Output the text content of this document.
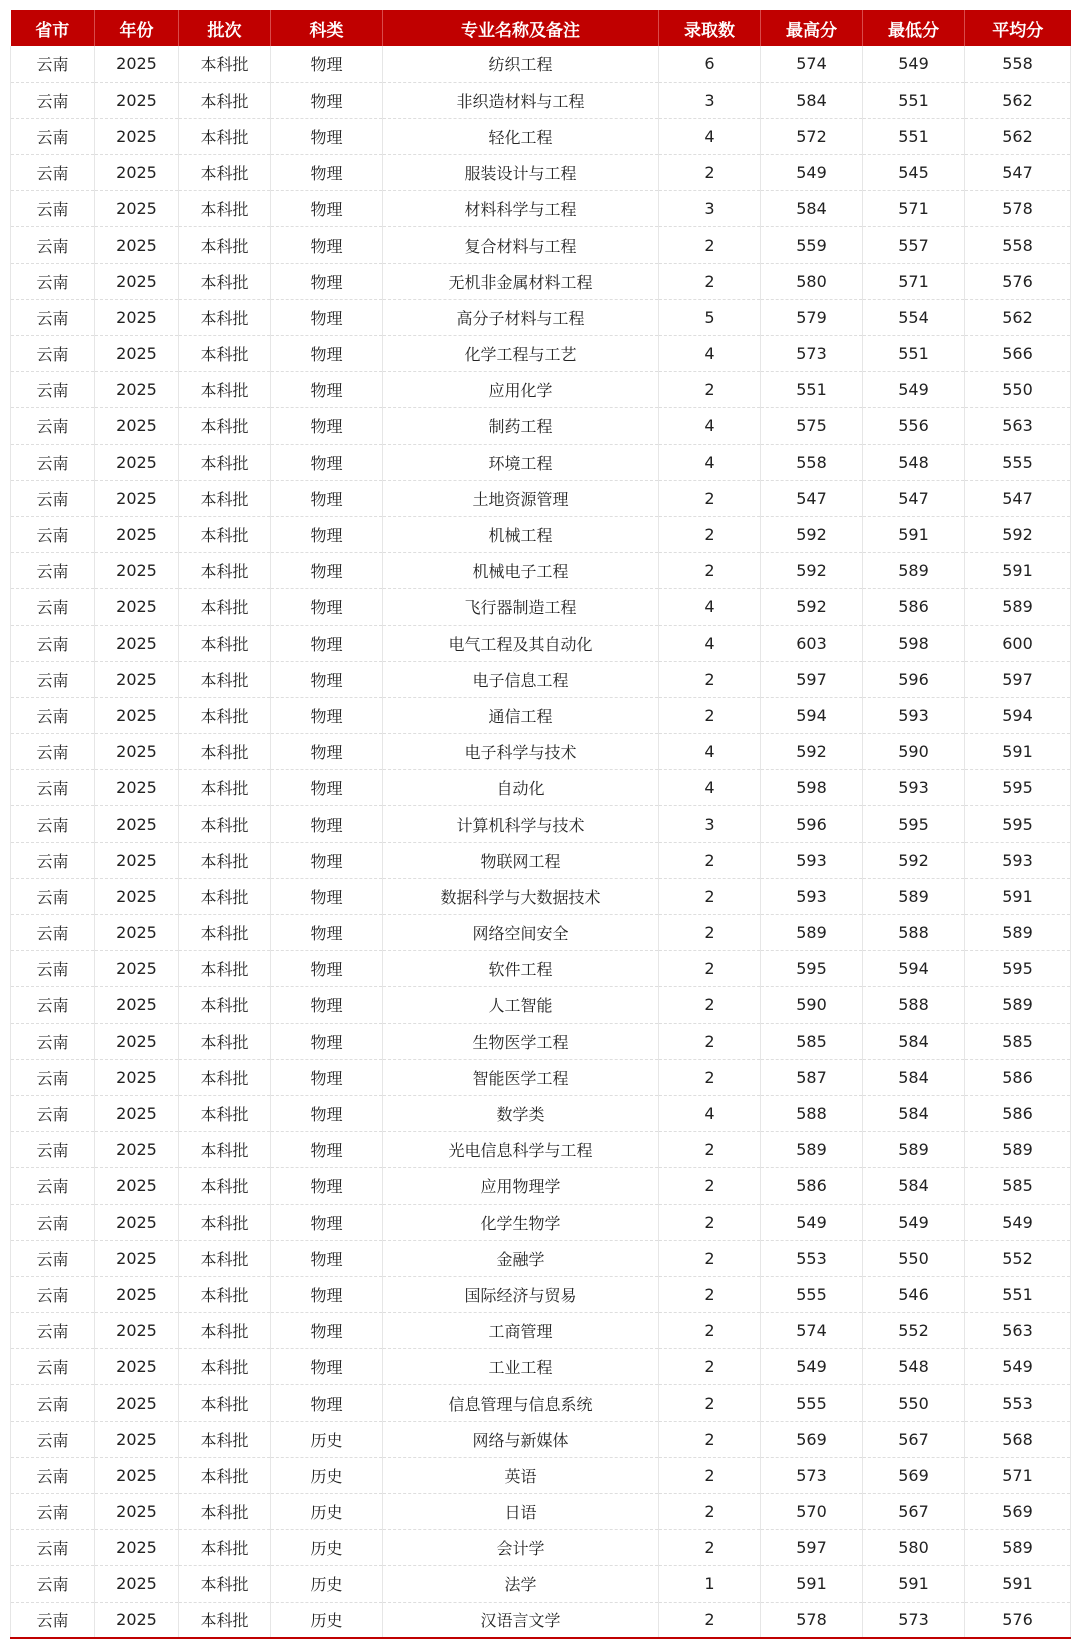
省市	年份	批次	科类	专业名称及备注	录取数	最高分	最低分	平均分
云南	2025	本科批	物理	纺织工程	6	574	549	558
云南	2025	本科批	物理	非织造材料与工程	3	584	551	562
云南	2025	本科批	物理	轻化工程	4	572	551	562
云南	2025	本科批	物理	服装设计与工程	2	549	545	547
云南	2025	本科批	物理	材料科学与工程	3	584	571	578
云南	2025	本科批	物理	复合材料与工程	2	559	557	558
云南	2025	本科批	物理	无机非金属材料工程	2	580	571	576
云南	2025	本科批	物理	高分子材料与工程	5	579	554	562
云南	2025	本科批	物理	化学工程与工艺	4	573	551	566
云南	2025	本科批	物理	应用化学	2	551	549	550
云南	2025	本科批	物理	制药工程	4	575	556	563
云南	2025	本科批	物理	环境工程	4	558	548	555
云南	2025	本科批	物理	土地资源管理	2	547	547	547
云南	2025	本科批	物理	机械工程	2	592	591	592
云南	2025	本科批	物理	机械电子工程	2	592	589	591
云南	2025	本科批	物理	飞行器制造工程	4	592	586	589
云南	2025	本科批	物理	电气工程及其自动化	4	603	598	600
云南	2025	本科批	物理	电子信息工程	2	597	596	597
云南	2025	本科批	物理	通信工程	2	594	593	594
云南	2025	本科批	物理	电子科学与技术	4	592	590	591
云南	2025	本科批	物理	自动化	4	598	593	595
云南	2025	本科批	物理	计算机科学与技术	3	596	595	595
云南	2025	本科批	物理	物联网工程	2	593	592	593
云南	2025	本科批	物理	数据科学与大数据技术	2	593	589	591
云南	2025	本科批	物理	网络空间安全	2	589	588	589
云南	2025	本科批	物理	软件工程	2	595	594	595
云南	2025	本科批	物理	人工智能	2	590	588	589
云南	2025	本科批	物理	生物医学工程	2	585	584	585
云南	2025	本科批	物理	智能医学工程	2	587	584	586
云南	2025	本科批	物理	数学类	4	588	584	586
云南	2025	本科批	物理	光电信息科学与工程	2	589	589	589
云南	2025	本科批	物理	应用物理学	2	586	584	585
云南	2025	本科批	物理	化学生物学	2	549	549	549
云南	2025	本科批	物理	金融学	2	553	550	552
云南	2025	本科批	物理	国际经济与贸易	2	555	546	551
云南	2025	本科批	物理	工商管理	2	574	552	563
云南	2025	本科批	物理	工业工程	2	549	548	549
云南	2025	本科批	物理	信息管理与信息系统	2	555	550	553
云南	2025	本科批	历史	网络与新媒体	2	569	567	568
云南	2025	本科批	历史	英语	2	573	569	571
云南	2025	本科批	历史	日语	2	570	567	569
云南	2025	本科批	历史	会计学	2	597	580	589
云南	2025	本科批	历史	法学	1	591	591	591
云南	2025	本科批	历史	汉语言文学	2	578	573	576
